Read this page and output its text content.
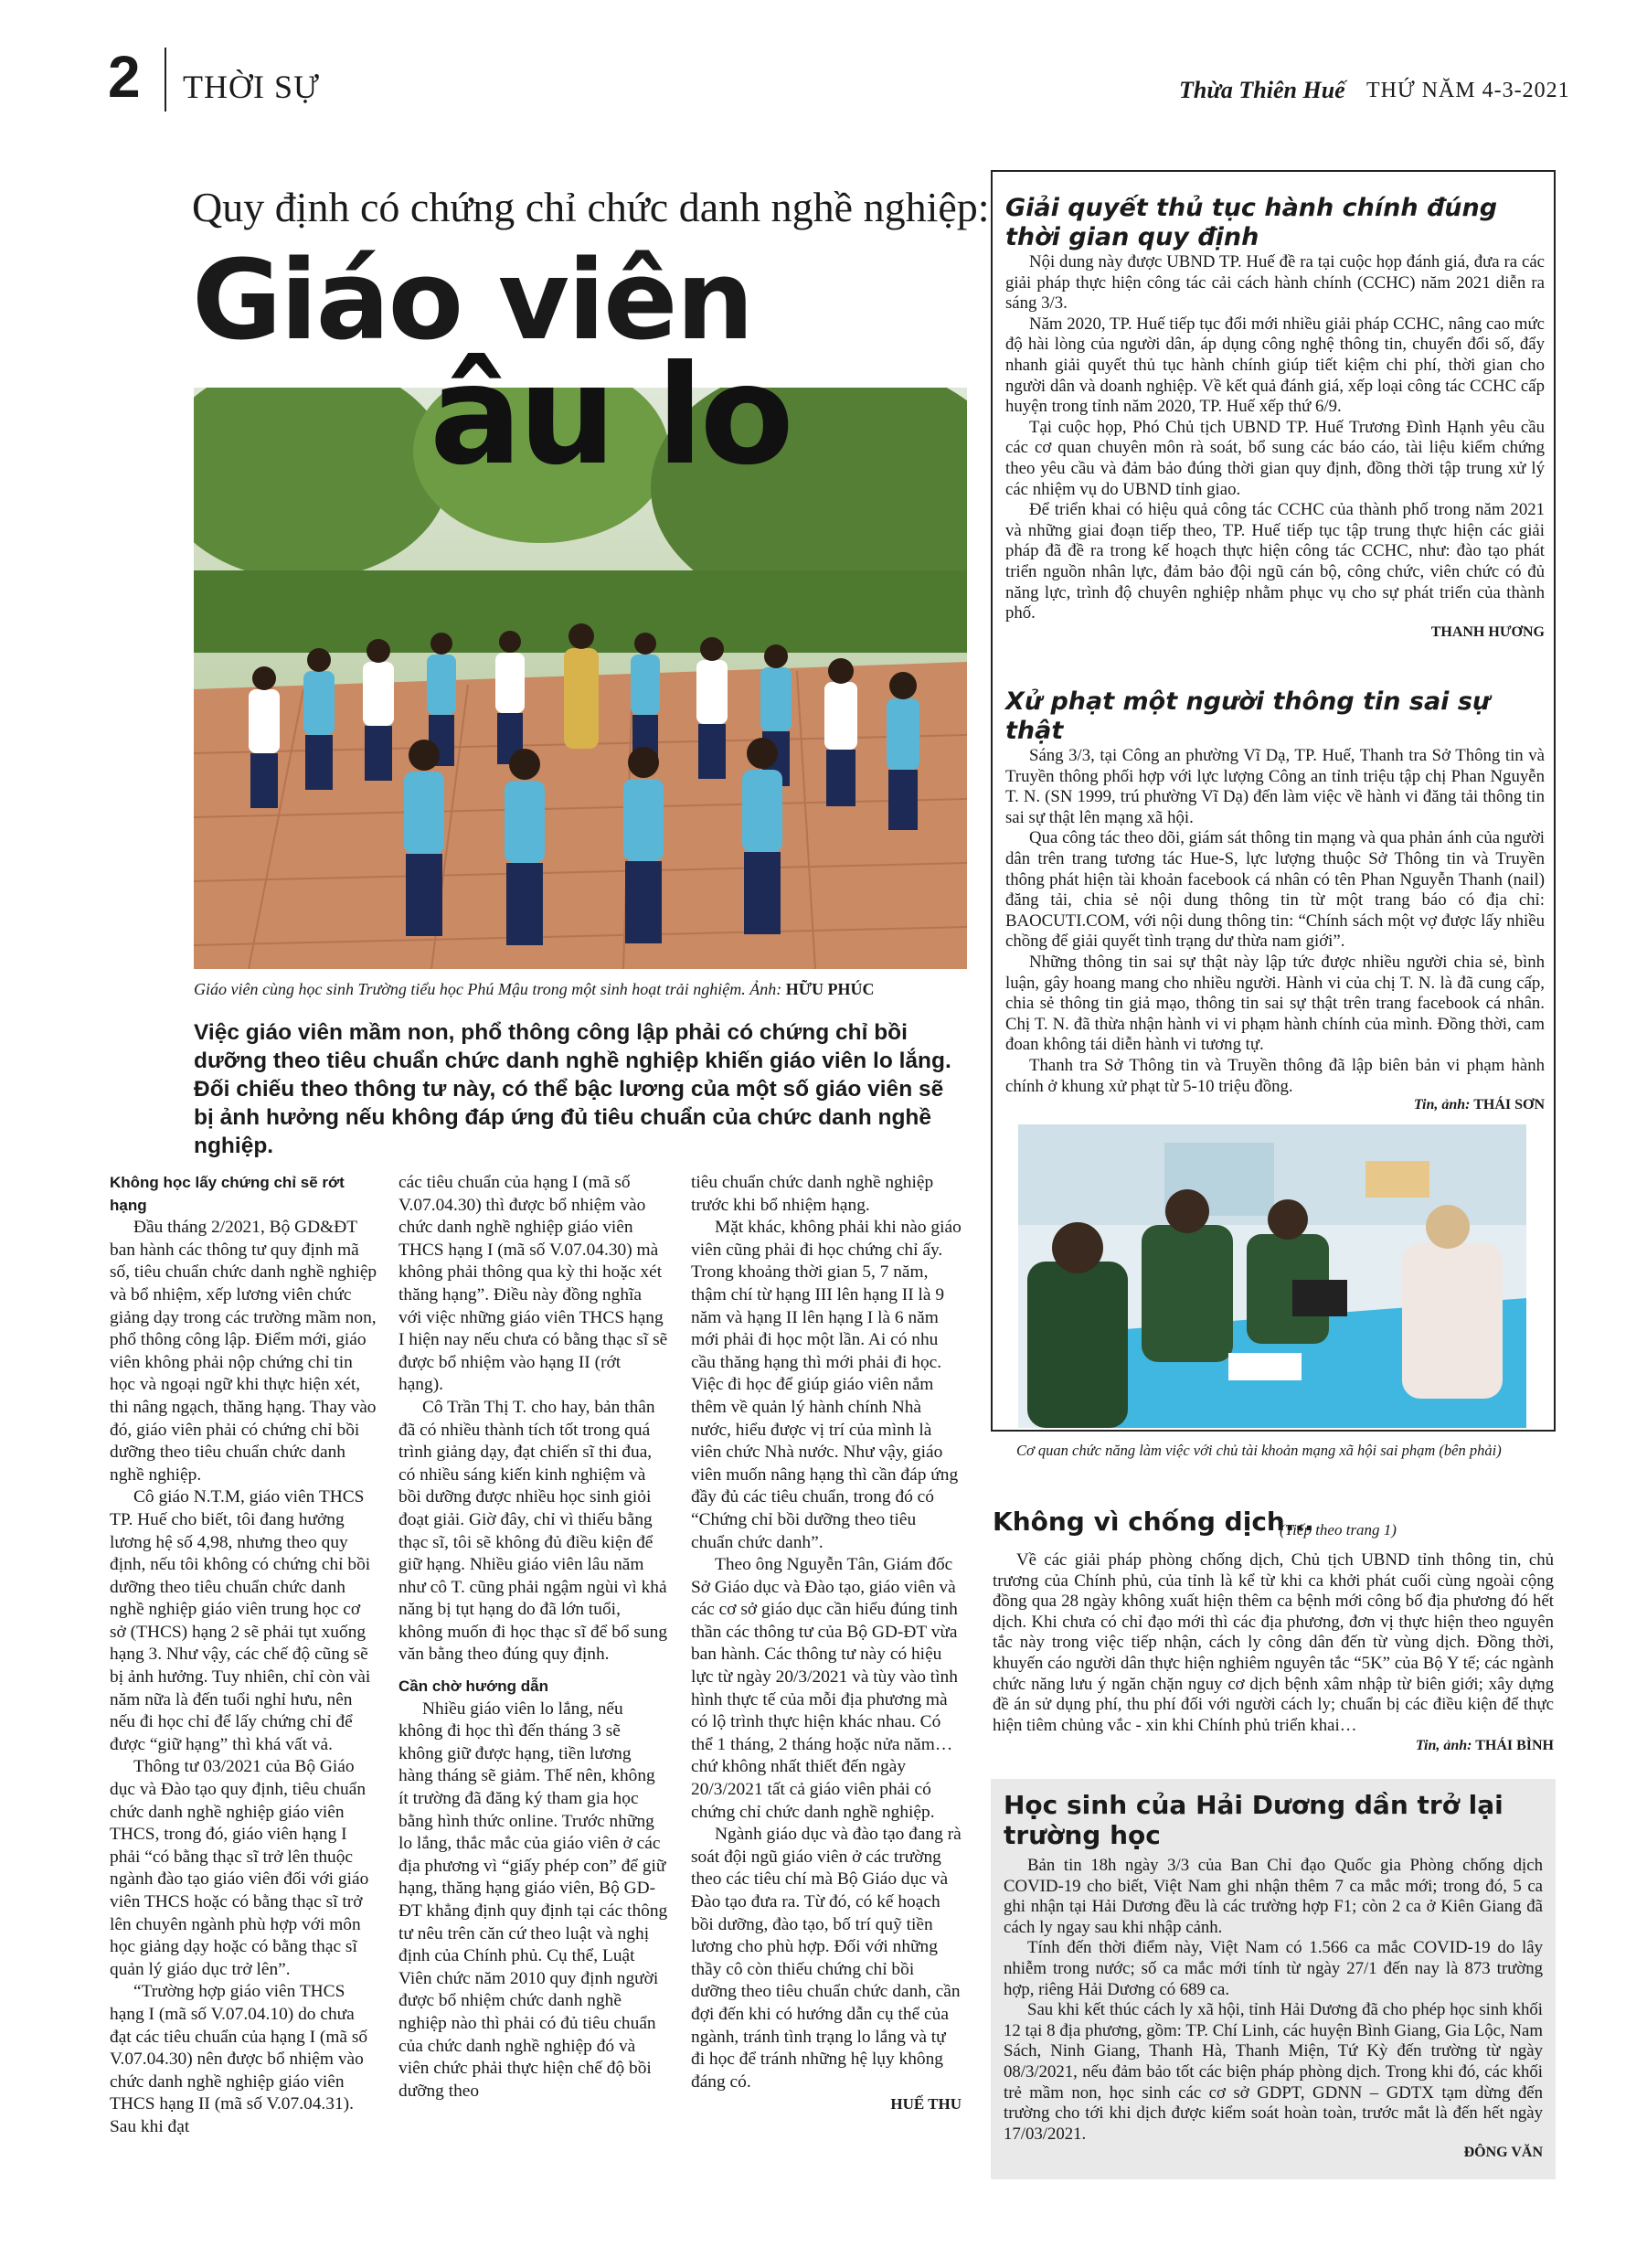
2 THỜI SỰ	Thừa Thiên Huế THỨ NĂM 4-3-2021
Quy định có chứng chỉ chức danh nghề nghiệp:
Giáo viên
âu lo
Giáo viên cùng học sinh Trường tiểu học Phú Mậu trong một sinh hoạt trải nghiệm. Ảnh: HỮU PHÚC
Việc giáo viên mầm non, phổ thông công lập phải có chứng chỉ bồi dưỡng theo tiêu chuẩn chức danh nghề nghiệp khiến giáo viên lo lắng. Đối chiếu theo thông tư này, có thể bậc lương của một số giáo viên sẽ bị ảnh hưởng nếu không đáp ứng đủ tiêu chuẩn của chức danh nghề nghiệp.

Không học lấy chứng chỉ sẽ rớt hạng

Đầu tháng 2/2021, Bộ GD&ĐT ban hành các thông tư quy định mã số, tiêu chuẩn chức danh nghề nghiệp và bổ nhiệm, xếp lương viên chức giảng dạy trong các trường mầm non, phổ thông công lập. Điểm mới, giáo viên không phải nộp chứng chỉ tin học và ngoại ngữ khi thực hiện xét, thi nâng ngạch, thăng hạng. Thay vào đó, giáo viên phải có chứng chỉ bồi dưỡng theo tiêu chuẩn chức danh nghề nghiệp.

Cô giáo N.T.M, giáo viên THCS TP. Huế cho biết, tôi đang hưởng lương hệ số 4,98, nhưng theo quy định, nếu tôi không có chứng chỉ bồi dưỡng theo tiêu chuẩn chức danh nghề nghiệp giáo viên trung học cơ sở (THCS) hạng 2 sẽ phải tụt xuống hạng 3. Như vậy, các chế độ cũng sẽ bị ảnh hưởng. Tuy nhiên, chỉ còn vài năm nữa là đến tuổi nghỉ hưu, nên nếu đi học chỉ để lấy chứng chỉ để được “giữ hạng” thì khá vất vả.

Thông tư 03/2021 của Bộ Giáo dục và Đào tạo quy định, tiêu chuẩn chức danh nghề nghiệp giáo viên THCS, trong đó, giáo viên hạng I phải “có bằng thạc sĩ trở lên thuộc ngành đào tạo giáo viên đối với giáo viên THCS hoặc có bằng thạc sĩ trở lên chuyên ngành phù hợp với môn học giảng dạy hoặc có bằng thạc sĩ quản lý giáo dục trở lên”.

“Trường hợp giáo viên THCS hạng I (mã số V.07.04.10) do chưa đạt các tiêu chuẩn của hạng I (mã số V.07.04.30) nên được bổ nhiệm vào chức danh nghề nghiệp giáo viên THCS hạng II (mã số V.07.04.31). Sau khi đạt

các tiêu chuẩn của hạng I (mã số V.07.04.30) thì được bổ nhiệm vào chức danh nghề nghiệp giáo viên THCS hạng I (mã số V.07.04.30) mà không phải thông qua kỳ thi hoặc xét thăng hạng”. Điều này đồng nghĩa với việc những giáo viên THCS hạng I hiện nay nếu chưa có bằng thạc sĩ sẽ được bổ nhiệm vào hạng II (rớt hạng).

Cô Trần Thị T. cho hay, bản thân đã có nhiều thành tích tốt trong quá trình giảng dạy, đạt chiến sĩ thi đua, có nhiều sáng kiến kinh nghiệm và bồi dưỡng được nhiều học sinh giỏi đoạt giải. Giờ đây, chỉ vì thiếu bằng thạc sĩ, tôi sẽ không đủ điều kiện để giữ hạng. Nhiều giáo viên lâu năm như cô T. cũng phải ngậm ngùi vì khả năng bị tụt hạng do đã lớn tuổi, không muốn đi học thạc sĩ để bổ sung văn bằng theo đúng quy định.

Cần chờ hướng dẫn

Nhiều giáo viên lo lắng, nếu không đi học thì đến tháng 3 sẽ không giữ được hạng, tiền lương hàng tháng sẽ giảm. Thế nên, không ít trường đã đăng ký tham gia học bằng hình thức online. Trước những lo lắng, thắc mắc của giáo viên ở các địa phương vì “giấy phép con” để giữ hạng, thăng hạng giáo viên, Bộ GD-ĐT khẳng định quy định tại các thông tư nêu trên căn cứ theo luật và nghị định của Chính phủ. Cụ thể, Luật Viên chức năm 2010 quy định người được bổ nhiệm chức danh nghề nghiệp nào thì phải có đủ tiêu chuẩn của chức danh nghề nghiệp đó và viên chức phải thực hiện chế độ bồi dưỡng theo

tiêu chuẩn chức danh nghề nghiệp trước khi bổ nhiệm hạng.

Mặt khác, không phải khi nào giáo viên cũng phải đi học chứng chỉ ấy. Trong khoảng thời gian 5, 7 năm, thậm chí từ hạng III lên hạng II là 9 năm và hạng II lên hạng I là 6 năm mới phải đi học một lần. Ai có nhu cầu thăng hạng thì mới phải đi học. Việc đi học để giúp giáo viên nắm thêm về quản lý hành chính Nhà nước, hiểu được vị trí của mình là viên chức Nhà nước. Như vậy, giáo viên muốn nâng hạng thì cần đáp ứng đầy đủ các tiêu chuẩn, trong đó có “Chứng chỉ bồi dưỡng theo tiêu chuẩn chức danh”.

Theo ông Nguyễn Tân, Giám đốc Sở Giáo dục và Đào tạo, giáo viên và các cơ sở giáo dục cần hiểu đúng tinh thần các thông tư của Bộ GD-ĐT vừa ban hành. Các thông tư này có hiệu lực từ ngày 20/3/2021 và tùy vào tình hình thực tế của mỗi địa phương mà có lộ trình thực hiện khác nhau. Có thể 1 tháng, 2 tháng hoặc nửa năm… chứ không nhất thiết đến ngày 20/3/2021 tất cả giáo viên phải có chứng chỉ chức danh nghề nghiệp.

Ngành giáo dục và đào tạo đang rà soát đội ngũ giáo viên ở các trường theo các tiêu chí mà Bộ Giáo dục và Đào tạo đưa ra. Từ đó, có kế hoạch bồi dưỡng, đào tạo, bố trí quỹ tiền lương cho phù hợp. Đối với những thầy cô còn thiếu chứng chỉ bồi dưỡng theo tiêu chuẩn chức danh, cần đợi đến khi có hướng dẫn cụ thể của ngành, tránh tình trạng lo lắng và tự đi học để tránh những hệ lụy không đáng có.

HUẾ THU

Giải quyết thủ tục hành chính đúng thời gian quy định

Nội dung này được UBND TP. Huế đề ra tại cuộc họp đánh giá, đưa ra các giải pháp thực hiện công tác cải cách hành chính (CCHC) năm 2021 diễn ra sáng 3/3.

Năm 2020, TP. Huế tiếp tục đổi mới nhiều giải pháp CCHC, nâng cao mức độ hài lòng của người dân, áp dụng công nghệ thông tin, chuyển đổi số, đẩy nhanh giải quyết thủ tục hành chính giúp tiết kiệm chi phí, thời gian cho người dân và doanh nghiệp. Về kết quả đánh giá, xếp loại công tác CCHC cấp huyện trong tỉnh năm 2020, TP. Huế xếp thứ 6/9.

Tại cuộc họp, Phó Chủ tịch UBND TP. Huế Trương Đình Hạnh yêu cầu các cơ quan chuyên môn rà soát, bổ sung các báo cáo, tài liệu kiểm chứng theo yêu cầu và đảm bảo đúng thời gian quy định, đồng thời tập trung xử lý các nhiệm vụ do UBND tỉnh giao.

Để triển khai có hiệu quả công tác CCHC của thành phố trong năm 2021 và những giai đoạn tiếp theo, TP. Huế tiếp tục tập trung thực hiện các giải pháp đã đề ra trong kế hoạch thực hiện công tác CCHC, như: đào tạo phát triển nguồn nhân lực, đảm bảo đội ngũ cán bộ, công chức, viên chức có đủ năng lực, trình độ chuyên nghiệp nhằm phục vụ cho sự phát triển của thành phố.

THANH HƯƠNG
Xử phạt một người thông tin sai sự thật

Sáng 3/3, tại Công an phường Vĩ Dạ, TP. Huế, Thanh tra Sở Thông tin và Truyền thông phối hợp với lực lượng Công an tỉnh triệu tập chị Phan Nguyễn T. N. (SN 1999, trú phường Vĩ Dạ) đến làm việc về hành vi đăng tải thông tin sai sự thật lên mạng xã hội.

Qua công tác theo dõi, giám sát thông tin mạng và qua phản ánh của người dân trên trang tương tác Hue-S, lực lượng thuộc Sở Thông tin và Truyền thông phát hiện tài khoản facebook cá nhân có tên Phan Nguyễn Thanh (nail) đăng tải, chia sẻ nội dung thông tin từ một trang báo có địa chỉ: BAOCUTI.COM, với nội dung thông tin: “Chính sách một vợ được lấy nhiều chồng để giải quyết tình trạng dư thừa nam giới”.

Những thông tin sai sự thật này lập tức được nhiều người chia sẻ, bình luận, gây hoang mang cho nhiều người. Hành vi của chị T. N. là đã cung cấp, chia sẻ thông tin giả mạo, thông tin sai sự thật trên trang facebook cá nhân. Chị T. N. đã thừa nhận hành vi vi phạm hành chính của mình. Đồng thời, cam đoan không tái diễn hành vi tương tự.

Thanh tra Sở Thông tin và Truyền thông đã lập biên bản vi phạm hành chính ở khung xử phạt từ 5-10 triệu đồng.

Tin, ảnh: THÁI SƠN
Cơ quan chức năng làm việc với chủ tài khoản mạng xã hội sai phạm (bên phải)
Không vì chống dịch...
(Tiếp theo trang 1)

Về các giải pháp phòng chống dịch, Chủ tịch UBND tỉnh thông tin, chủ trương của Chính phủ, của tỉnh là kể từ khi ca khởi phát cuối cùng ngoài cộng đồng qua 28 ngày không xuất hiện thêm ca bệnh mới công bố địa phương đó hết dịch. Khi chưa có chỉ đạo mới thì các địa phương, đơn vị thực hiện theo nguyên tắc này trong việc tiếp nhận, cách ly công dân đến từ vùng dịch. Đồng thời, khuyến cáo người dân thực hiện nghiêm nguyên tắc “5K” của Bộ Y tế; các ngành chức năng lưu ý ngăn chặn nguy cơ dịch bệnh xâm nhập từ biên giới; xây dựng đề án sử dụng phí, thu phí đối với người cách ly; chuẩn bị các điều kiện để thực hiện tiêm chủng vắc - xin khi Chính phủ triển khai…

Tin, ảnh: THÁI BÌNH
Học sinh của Hải Dương dần trở lại trường học

Bản tin 18h ngày 3/3 của Ban Chỉ đạo Quốc gia Phòng chống dịch COVID-19 cho biết, Việt Nam ghi nhận thêm 7 ca mắc mới; trong đó, 5 ca ghi nhận tại Hải Dương đều là các trường hợp F1; còn 2 ca ở Kiên Giang đã cách ly ngay sau khi nhập cảnh.

Tính đến thời điểm này, Việt Nam có 1.566 ca mắc COVID-19 do lây nhiễm trong nước; số ca mắc mới tính từ ngày 27/1 đến nay là 873 trường hợp, riêng Hải Dương có 689 ca.

Sau khi kết thúc cách ly xã hội, tỉnh Hải Dương đã cho phép học sinh khối 12 tại 8 địa phương, gồm: TP. Chí Linh, các huyện Bình Giang, Gia Lộc, Nam Sách, Ninh Giang, Thanh Hà, Thanh Miện, Tứ Kỳ đến trường từ ngày 08/3/2021, nếu đảm bảo tốt các biện pháp phòng dịch. Trong khi đó, các khối trẻ mầm non, học sinh các cơ sở GDPT, GDNN – GDTX tạm dừng đến trường cho tới khi dịch được kiểm soát hoàn toàn, trước mắt là đến hết ngày 17/03/2021.

ĐÔNG VĂN
